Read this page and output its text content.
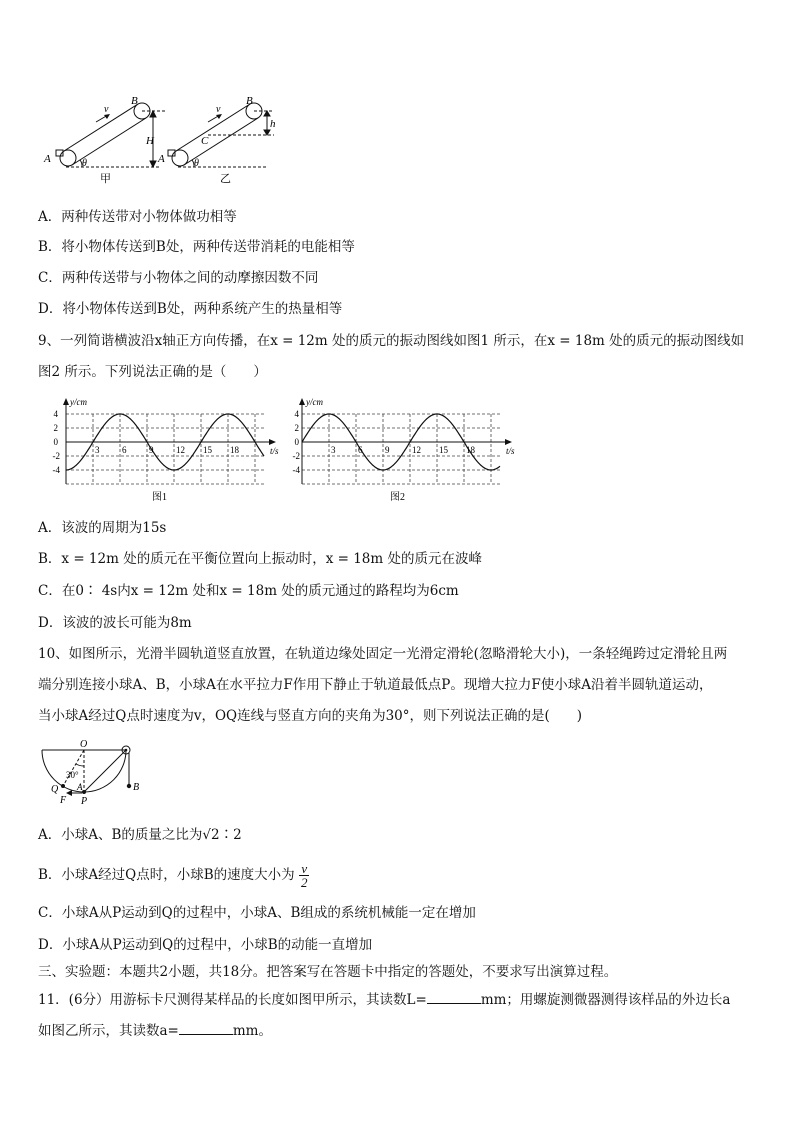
B
v
H
A	θ
甲
B
v
h
C
A	θ
乙
A．两种传送带对小物体做功相等
B．将小物体传送到B处，两种传送带消耗的电能相等
C．两种传送带与小物体之间的动摩擦因数不同
D．将小物体传送到B处，两种系统产生的热量相等
9、一列简谐横波沿x轴正方向传播，在x = 12m 处的质元的振动图线如图1 所示，在x = 18m 处的质元的振动图线如
图2 所示。下列说法正确的是（　　）
y/cm
t/s
4
2
0
-2
-4
3	6	9	12 15 18
图1
y/cm
t/s
4
2
0
-2
-4
3	6	9	12 15 18
图2
A．该波的周期为15s
B．x = 12m 处的质元在平衡位置向上振动时，x = 18m 处的质元在波峰
C．在0∶ 4s内x = 12m 处和x = 18m 处的质元通过的路程均为6cm
D．该波的波长可能为8m
10、如图所示，光滑半圆轨道竖直放置，在轨道边缘处固定一光滑定滑轮(忽略滑轮大小)，一条轻绳跨过定滑轮且两
端分别连接小球A、B，小球A在水平拉力F作用下静止于轨道最低点P。现增大拉力F使小球A沿着半圆轨道运动，
当小球A经过Q点时速度为v，OQ连线与竖直方向的夹角为30°，则下列说法正确的是(　　)
O
30°
Q A
F P
B
A．小球A、B的质量之比为√2∶2
B．小球A经过Q点时，小球B的速度大小为 $\frac{v}{2}$
C．小球A从P运动到Q的过程中，小球A、B组成的系统机械能一定在增加
D．小球A从P运动到Q的过程中，小球B的动能一直增加
三、实验题：本题共2小题，共18分。把答案写在答题卡中指定的答题处，不要求写出演算过程。
11．(6分）用游标卡尺测得某样品的长度如图甲所示，其读数L=	mm；用螺旋测微器测得该样品的外边长a
如图乙所示，其读数a=	mm。
